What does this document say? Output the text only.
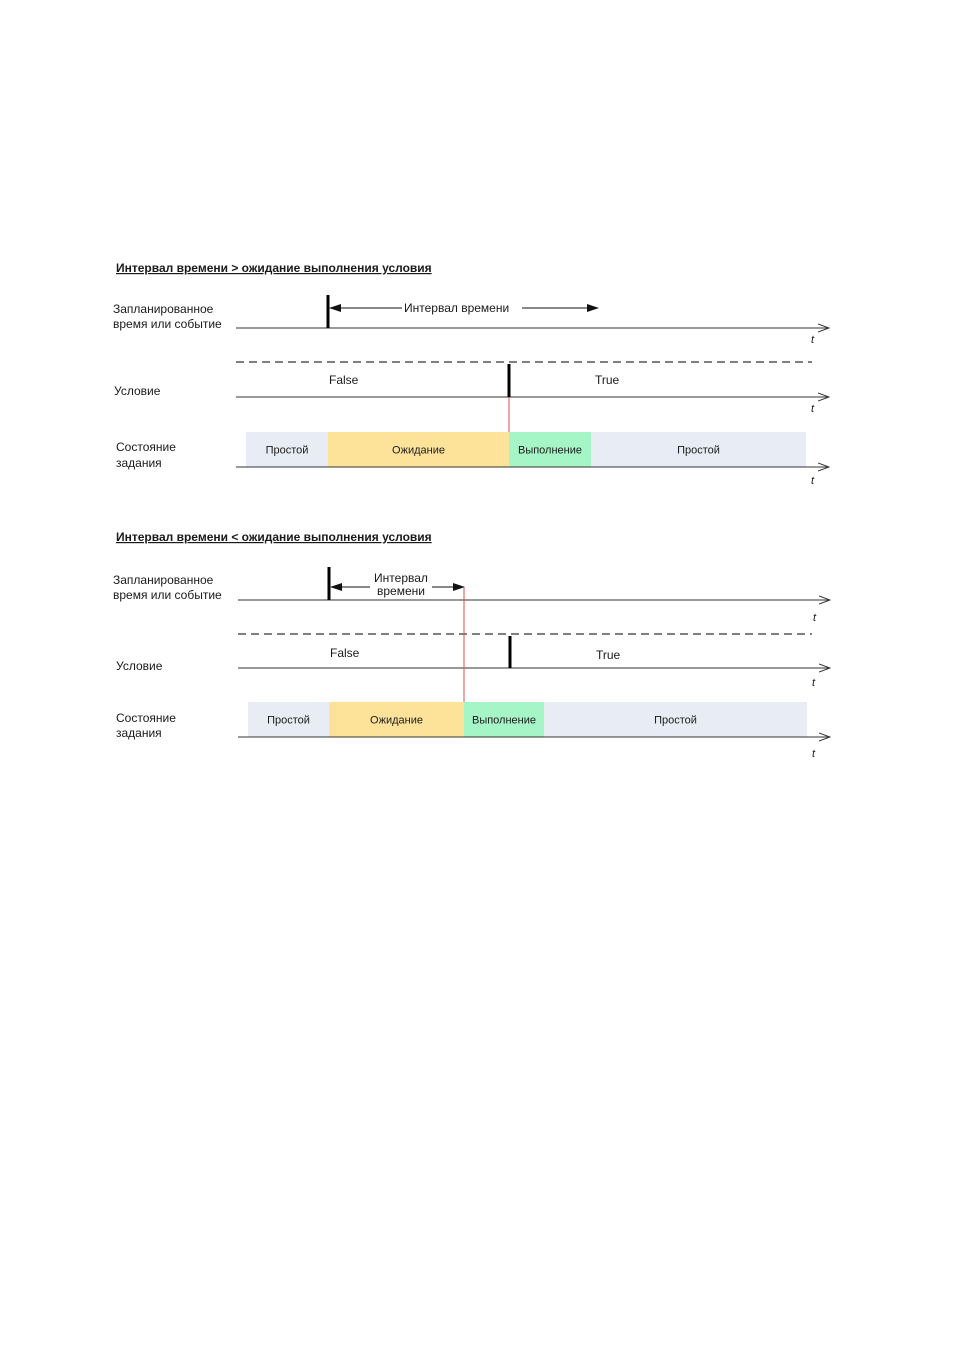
Интервал времени > ожидание выполнения условия
Запланированное
время или событие
t
Интервал времени
t
Условие
False	True
Состояние
задания
Простой	Ожидание	Выполнение	Простой
t
Интервал времени < ожидание выполнения условия
Запланированное
время или событие
t
Интервал
времени
t
Условие
False	True
Состояние
задания
Простой	Ожидание	Выполнение	Простой
t
